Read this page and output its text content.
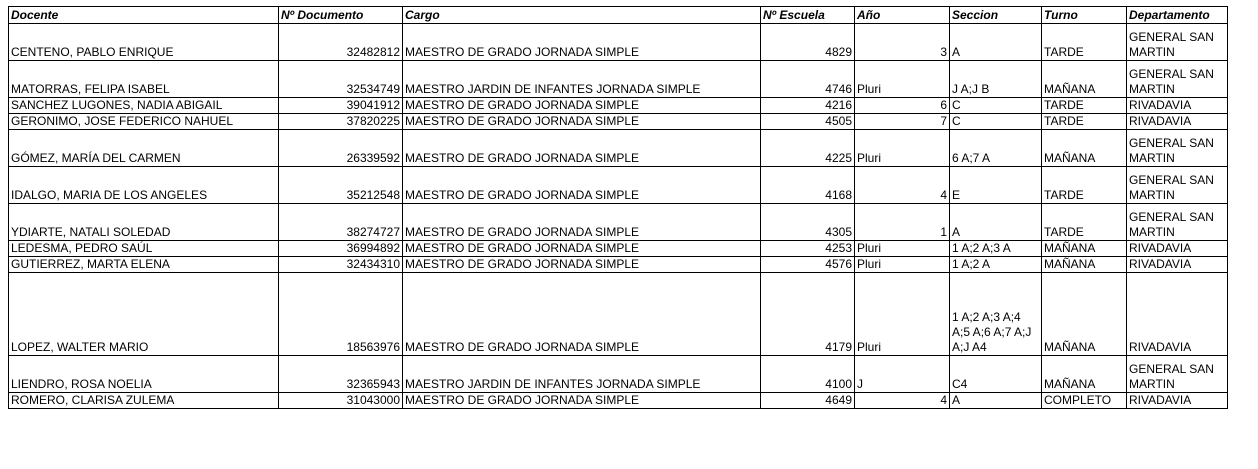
Docente	Nº Documento	Cargo	Nº Escuela	Año	Seccion	Turno	Departamento
CENTENO, PABLO ENRIQUE	32482812	MAESTRO DE GRADO JORNADA SIMPLE	4829	3	A	TARDE	GENERAL SAN MARTIN
MATORRAS, FELIPA ISABEL	32534749	MAESTRO JARDIN DE INFANTES JORNADA SIMPLE	4746	Pluri	J A;J B	MAÑANA	GENERAL SAN MARTIN
SANCHEZ LUGONES, NADIA ABIGAIL	39041912	MAESTRO DE GRADO JORNADA SIMPLE	4216	6	C	TARDE	RIVADAVIA
GERONIMO, JOSE FEDERICO NAHUEL	37820225	MAESTRO DE GRADO JORNADA SIMPLE	4505	7	C	TARDE	RIVADAVIA
GÓMEZ, MARÍA DEL CARMEN	26339592	MAESTRO DE GRADO JORNADA SIMPLE	4225	Pluri	6 A;7 A	MAÑANA	GENERAL SAN MARTIN
IDALGO, MARIA DE LOS ANGELES	35212548	MAESTRO DE GRADO JORNADA SIMPLE	4168	4	E	TARDE	GENERAL SAN MARTIN
YDIARTE, NATALI SOLEDAD	38274727	MAESTRO DE GRADO JORNADA SIMPLE	4305	1	A	TARDE	GENERAL SAN MARTIN
LEDESMA, PEDRO SAÚL	36994892	MAESTRO DE GRADO JORNADA SIMPLE	4253	Pluri	1 A;2 A;3 A	MAÑANA	RIVADAVIA
GUTIERREZ, MARTA ELENA	32434310	MAESTRO DE GRADO JORNADA SIMPLE	4576	Pluri	1 A;2 A	MAÑANA	RIVADAVIA
LOPEZ, WALTER MARIO	18563976	MAESTRO DE GRADO JORNADA SIMPLE	4179	Pluri	1 A;2 A;3 A;4 A;5 A;6 A;7 A;J A;J A4	MAÑANA	RIVADAVIA
LIENDRO, ROSA NOELIA	32365943	MAESTRO JARDIN DE INFANTES JORNADA SIMPLE	4100	J	C4	MAÑANA	GENERAL SAN MARTIN
ROMERO, CLARISA ZULEMA	31043000	MAESTRO DE GRADO JORNADA SIMPLE	4649	4	A	COMPLETO	RIVADAVIA
